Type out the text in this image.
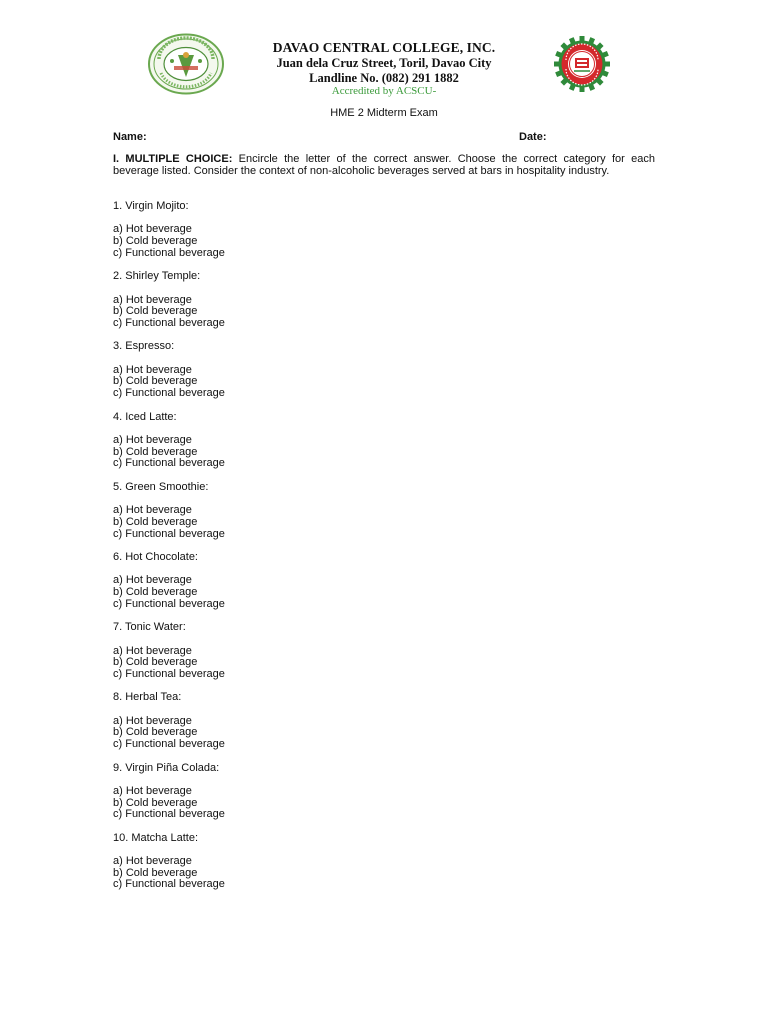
DAVAO CENTRAL COLLEGE, INC.
Juan dela Cruz Street, Toril, Davao City
Landline No. (082) 291 1882
Accredited by ACSCU-
HME 2 Midterm Exam
Name:	Date:
I. MULTIPLE CHOICE: Encircle the letter of the correct answer. Choose the correct category for each beverage listed. Consider the context of non-alcoholic beverages served at bars in hospitality industry.
1. Virgin Mojito:
a) Hot beverage
b) Cold beverage
c) Functional beverage
2. Shirley Temple:
a) Hot beverage
b) Cold beverage
c) Functional beverage
3. Espresso:
a) Hot beverage
b) Cold beverage
c) Functional beverage
4. Iced Latte:
a) Hot beverage
b) Cold beverage
c) Functional beverage
5. Green Smoothie:
a) Hot beverage
b) Cold beverage
c) Functional beverage
6. Hot Chocolate:
a) Hot beverage
b) Cold beverage
c) Functional beverage
7. Tonic Water:
a) Hot beverage
b) Cold beverage
c) Functional beverage
8. Herbal Tea:
a) Hot beverage
b) Cold beverage
c) Functional beverage
9. Virgin Piña Colada:
a) Hot beverage
b) Cold beverage
c) Functional beverage
10. Matcha Latte:
a) Hot beverage
b) Cold beverage
c) Functional beverage
